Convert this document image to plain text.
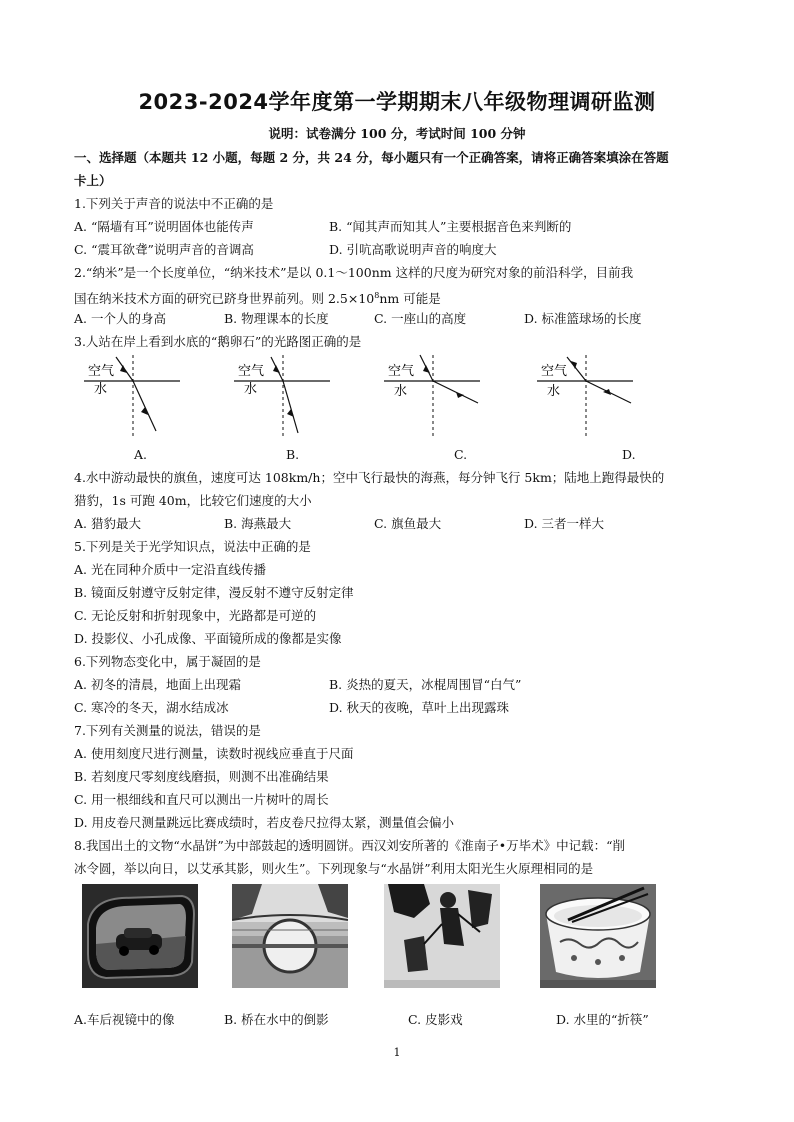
2023-2024学年度第一学期期末八年级物理调研监测
说明：试卷满分 100 分，考试时间 100 分钟
一、选择题（本题共 12 小题，每题 2 分，共 24 分，每小题只有一个正确答案，请将正确答案填涂在答题
卡上）
1.下列关于声音的说法中不正确的是
A. “隔墙有耳”说明固体也能传声	B. “闻其声而知其人”主要根据音色来判断的
C. “震耳欲聋”说明声音的音调高	D. 引吭高歌说明声音的响度大
2.“纳米”是一个长度单位，“纳米技术”是以 0.1～100nm 这样的尺度为研究对象的前沿科学，目前我
国在纳米技术方面的研究已跻身世界前列。则 $2.5\times 10^8nm$ 可能是
A. 一个人的身高	B. 物理课本的长度	C. 一座山的高度	D. 标准篮球场的长度
3.人站在岸上看到水底的“鹅卵石”的光路图正确的是
空气
水
空气
水
空气
水
空气
水
A.	B.	C.	D.
4.水中游动最快的旗鱼，速度可达 108km/h；空中飞行最快的海燕，每分钟飞行 5km；陆地上跑得最快的
猎豹，1s 可跑 40m，比较它们速度的大小
A. 猎豹最大	B. 海燕最大	C. 旗鱼最大	D. 三者一样大
5.下列是关于光学知识点，说法中正确的是
A. 光在同种介质中一定沿直线传播
B. 镜面反射遵守反射定律，漫反射不遵守反射定律
C. 无论反射和折射现象中，光路都是可逆的
D. 投影仪、小孔成像、平面镜所成的像都是实像
6.下列物态变化中，属于凝固的是
A. 初冬的清晨，地面上出现霜	B. 炎热的夏天，冰棍周围冒“白气”
C. 寒冷的冬天，湖水结成冰	D. 秋天的夜晚，草叶上出现露珠
7.下列有关测量的说法，错误的是
A. 使用刻度尺进行测量，读数时视线应垂直于尺面
B. 若刻度尺零刻度线磨损，则测不出准确结果
C. 用一根细线和直尺可以测出一片树叶的周长
D. 用皮卷尺测量跳远比赛成绩时，若皮卷尺拉得太紧，测量值会偏小
8.我国出土的文物“水晶饼”为中部鼓起的透明圆饼。西汉刘安所著的《淮南子•万毕术》中记载：“削
冰令圆，举以向日，以艾承其影，则火生”。下列现象与“水晶饼”利用太阳光生火原理相同的是
A.车后视镜中的像	B. 桥在水中的倒影	C. 皮影戏	D. 水里的“折筷”
1
